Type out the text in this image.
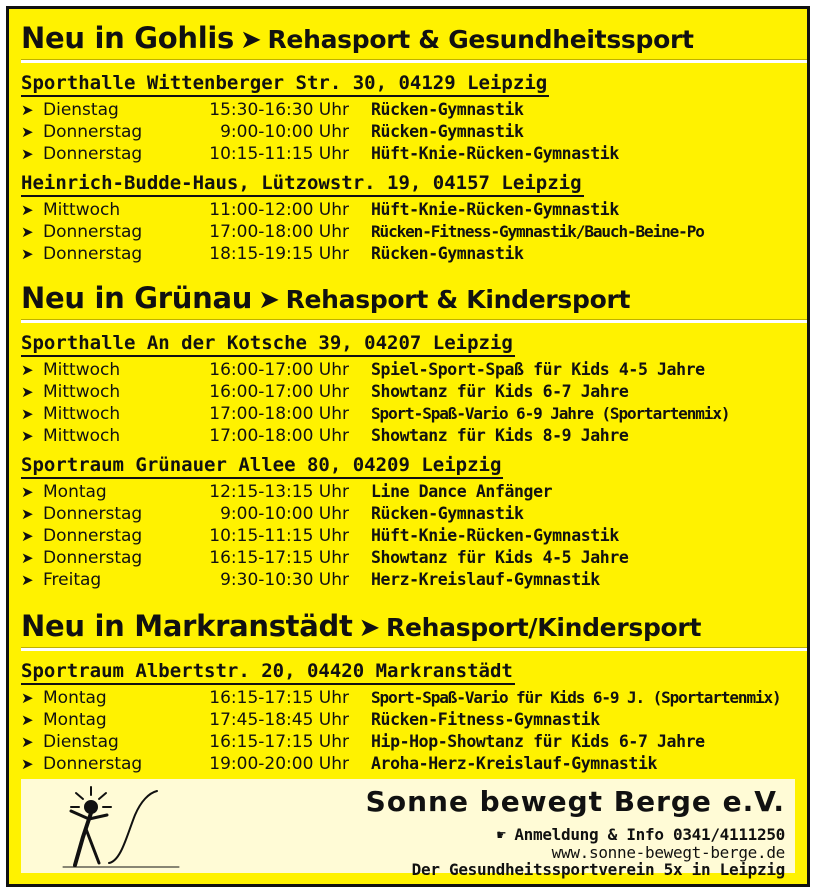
Neu in Gohlis ➤ Rehasport & Gesundheitssport
Sporthalle Wittenberger Str. 30, 04129 Leipzig
➤ Dienstag	15:30-16:30 Uhr Rücken-Gymnastik
➤ Donnerstag	9:00-10:00 Uhr Rücken-Gymnastik
➤ Donnerstag	10:15-11:15 Uhr Hüft-Knie-Rücken-Gymnastik
Heinrich-Budde-Haus, Lützowstr. 19, 04157 Leipzig
➤ Mittwoch	11:00-12:00 Uhr Hüft-Knie-Rücken-Gymnastik
➤ Donnerstag	17:00-18:00 Uhr Rücken-Fitness-Gymnastik/Bauch-Beine-Po
➤ Donnerstag	18:15-19:15 Uhr Rücken-Gymnastik
Neu in Grünau ➤ Rehasport & Kindersport
Sporthalle An der Kotsche 39, 04207 Leipzig
➤ Mittwoch	16:00-17:00 Uhr Spiel-Sport-Spaß für Kids 4-5 Jahre
➤ Mittwoch	16:00-17:00 Uhr Showtanz für Kids 6-7 Jahre
➤ Mittwoch	17:00-18:00 Uhr Sport-Spaß-Vario 6-9 Jahre (Sportartenmix)
➤ Mittwoch	17:00-18:00 Uhr Showtanz für Kids 8-9 Jahre
Sportraum Grünauer Allee 80, 04209 Leipzig
➤ Montag	12:15-13:15 Uhr Line Dance Anfänger
➤ Donnerstag	9:00-10:00 Uhr Rücken-Gymnastik
➤ Donnerstag	10:15-11:15 Uhr Hüft-Knie-Rücken-Gymnastik
➤ Donnerstag	16:15-17:15 Uhr Showtanz für Kids 4-5 Jahre
➤ Freitag	9:30-10:30 Uhr Herz-Kreislauf-Gymnastik
Neu in Markranstädt ➤ Rehasport/Kindersport
Sportraum Albertstr. 20, 04420 Markranstädt
➤ Montag	16:15-17:15 Uhr Sport-Spaß-Vario für Kids 6-9 J. (Sportartenmix)
➤ Montag	17:45-18:45 Uhr Rücken-Fitness-Gymnastik
➤ Dienstag	16:15-17:15 Uhr Hip-Hop-Showtanz für Kids 6-7 Jahre
➤ Donnerstag	19:00-20:00 Uhr Aroha-Herz-Kreislauf-Gymnastik
Sonne bewegt Berge e.V.
☛ Anmeldung & Info 0341/4111250
www.sonne-bewegt-berge.de
Der Gesundheitssportverein 5x in Leipzig
